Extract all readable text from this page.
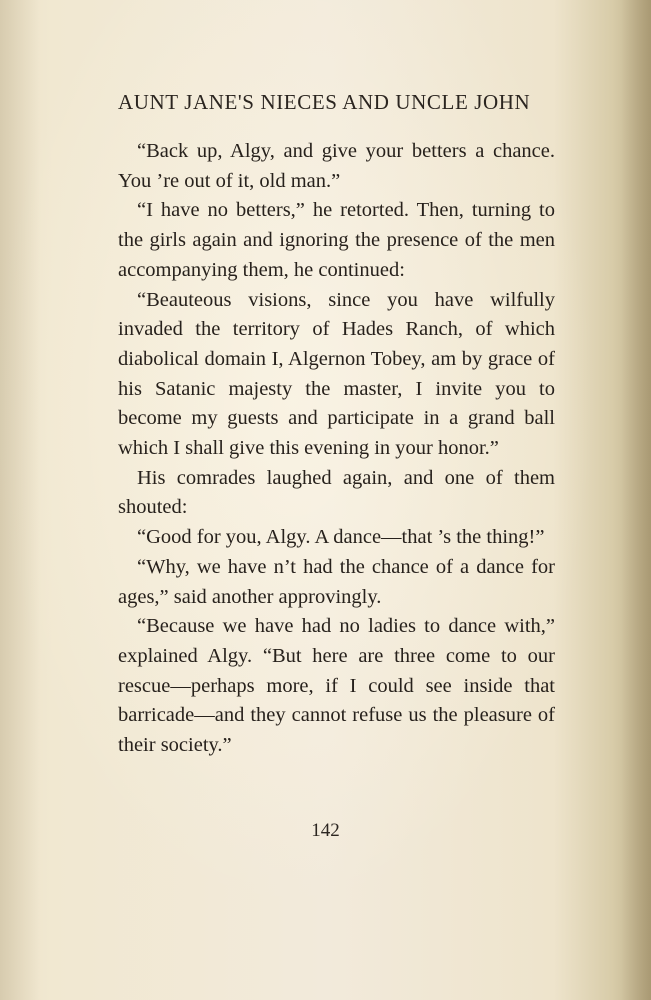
AUNT JANE'S NIECES AND UNCLE JOHN

“Back up, Algy, and give your betters a chance. You ’re out of it, old man.”

“I have no betters,” he retorted. Then, turning to the girls again and ignoring the presence of the men accompanying them, he continued:

“Beauteous visions, since you have wilfully invaded the territory of Hades Ranch, of which diabolical domain I, Algernon Tobey, am by grace of his Satanic majesty the master, I invite you to become my guests and participate in a grand ball which I shall give this evening in your honor.”

His comrades laughed again, and one of them shouted:

“Good for you, Algy. A dance—that ’s the thing!”

“Why, we have n’t had the chance of a dance for ages,” said another approvingly.

“Because we have had no ladies to dance with,” explained Algy. “But here are three come to our rescue—perhaps more, if I could see inside that barricade—and they cannot refuse us the pleasure of their society.”

142
